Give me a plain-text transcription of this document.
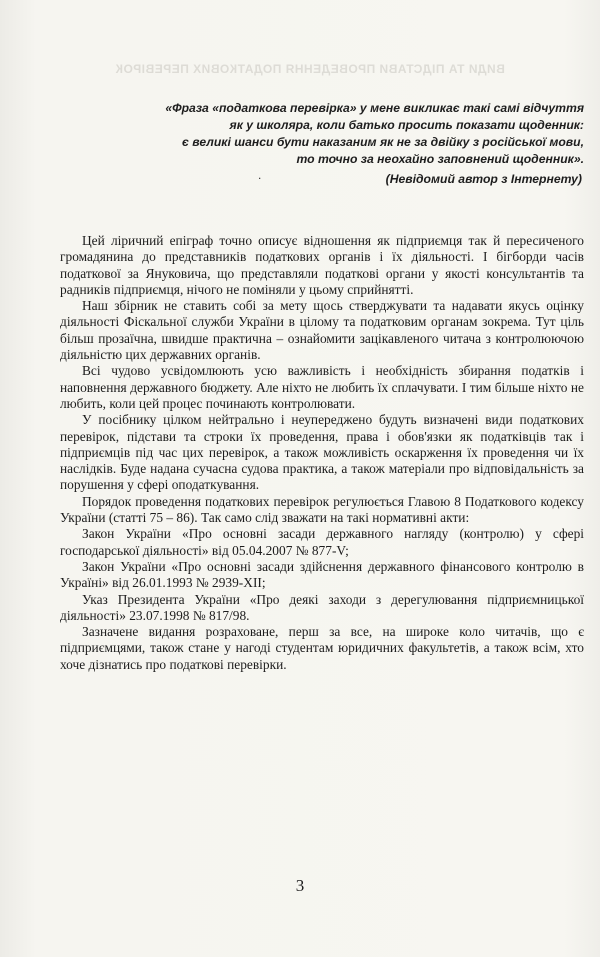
ВИДИ ТА ПІДСТАВИ ПРОВЕДЕННЯ ПОДАТКОВИХ ПЕРЕВІРОК

«Фраза «податкова перевірка» у мене викликає такі самі відчуття

як у школяра, коли батько просить показати щоденник:

є великі шанси бути наказаним як не за двійку з російської мови,

то точно за неохайно заповнений щоденник».

.	(Невідомий автор з Інтернету)

Цей ліричний епіграф точно описує відношення як підприємця так й пересиченого громадянина до представників податкових органів і їх діяльності. І бігборди часів податкової за Януковича, що представляли податкові органи у якості консультантів та радників підприємця, нічого не поміняли у цьому сприйнятті.

Наш збірник не ставить собі за мету щось стверджувати та надавати якусь оцінку діяльності Фіскальної служби України в цілому та податковим органам зокрема. Тут ціль більш прозаїчна, швидше практична – ознайомити зацікавленого читача з контролюючою діяльністю цих державних органів.

Всі чудово усвідомлюють усю важливість і необхідність збирання податків і наповнення державного бюджету. Але ніхто не любить їх сплачувати. І тим більше ніхто не любить, коли цей процес починають контролювати.

У посібнику цілком нейтрально і неупереджено будуть визначені види податкових перевірок, підстави та строки їх проведення, права і обов'язки як податківців так і підприємців під час цих перевірок, а також можливість оскарження їх проведення чи їх наслідків. Буде надана сучасна судова практика, а також матеріали про відповідальність за порушення у сфері оподаткування.

Порядок проведення податкових перевірок регулюється Главою 8 Податкового кодексу України (статті 75 – 86). Так само слід зважати на такі нормативні акти:

Закон України «Про основні засади державного нагляду (контролю) у сфері господарської діяльності» від 05.04.2007 № 877-V;

Закон України «Про основні засади здійснення державного фінансового контролю в Україні» від 26.01.1993 № 2939-XII;

Указ Президента України «Про деякі заходи з дерегулювання підприємницької діяльності» 23.07.1998 № 817/98.

Зазначене видання розраховане, перш за все, на широке коло читачів, що є підприємцями, також стане у нагоді студентам юридичних факультетів, а також всім, хто хоче дізнатись про податкові перевірки.

3
